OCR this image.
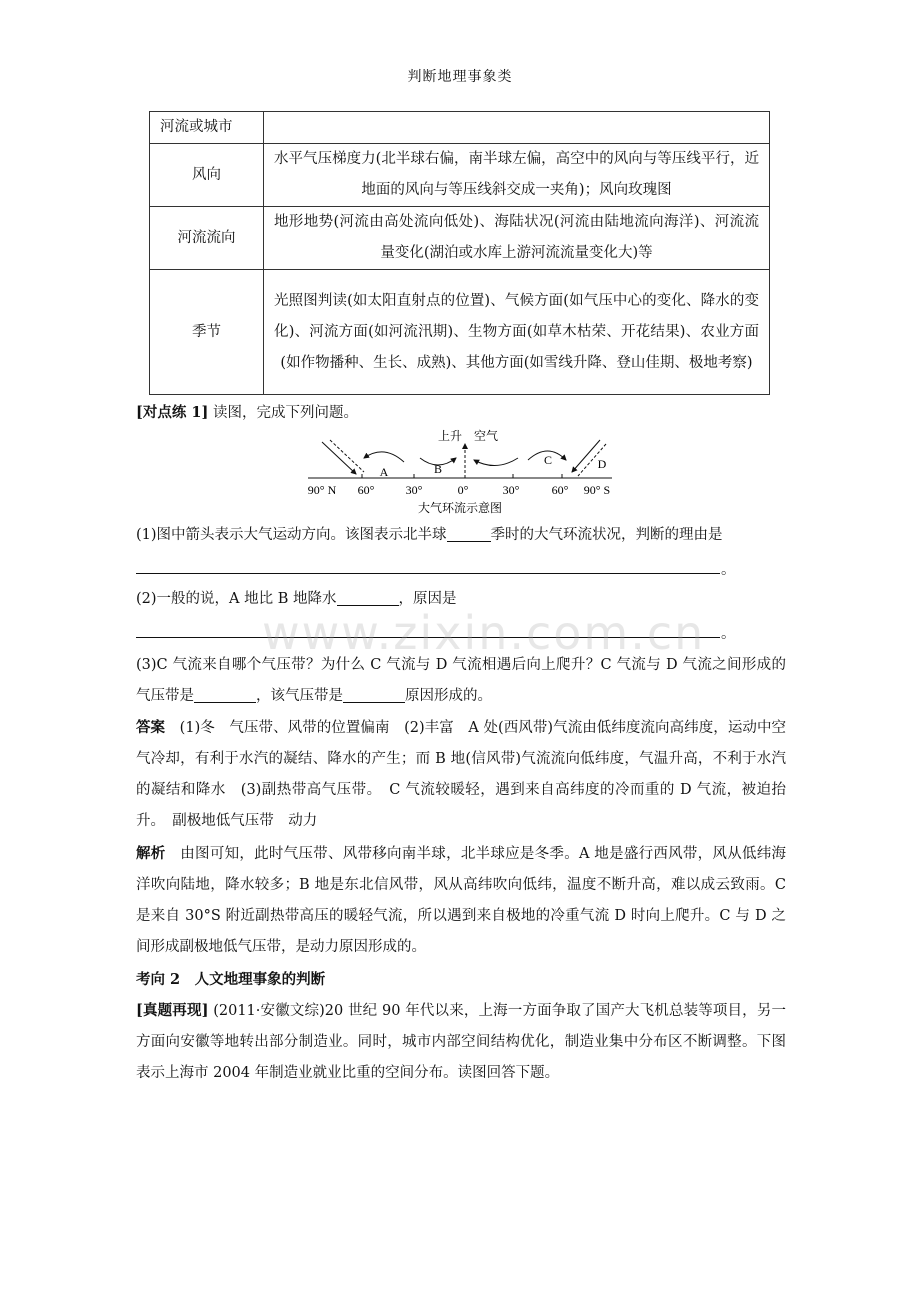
判断地理事象类
河流或城市	
风向	水平气压梯度力(北半球右偏，南半球左偏，高空中的风向与等压线平行，近地面的风向与等压线斜交成一夹角)；风向玫瑰图
河流流向	地形地势(河流由高处流向低处)、海陆状况(河流由陆地流向海洋)、河流流量变化(湖泊或水库上游河流流量变化大)等
季节	光照图判读(如太阳直射点的位置)、气候方面(如气压中心的变化、降水的变化)、河流方面(如河流汛期)、生物方面(如草木枯荣、开花结果)、农业方面(如作物播种、生长、成熟)、其他方面(如雪线升降、登山佳期、极地考察)
[对点练 1] 读图，完成下列问题。
A	B
C	D
上升 空气
90° N 60°	30°	0°	30°	60° 90° S
大气环流示意图
(1)图中箭头表示大气运动方向。该图表示北半球	季时的大气环流状况，判断的理由是
。
(2)一般的说，A 地比 B 地降水	，原因是
。
www.zixin.com.cn
(3)C 气流来自哪个气压带？为什么 C 气流与 D 气流相遇后向上爬升？C 气流与 D 气流之间形成的气压带是	，该气压带是	原因形成的。
答案　(1)冬　气压带、风带的位置偏南　(2)丰富　A 处(西风带)气流由低纬度流向高纬度，运动中空气冷却，有利于水汽的凝结、降水的产生；而 B 地(信风带)气流流向低纬度，气温升高，不利于水汽的凝结和降水　(3)副热带高气压带。　C 气流较暖轻，遇到来自高纬度的冷而重的 D 气流，被迫抬升。　副极地低气压带　动力
解析　由图可知，此时气压带、风带移向南半球，北半球应是冬季。A 地是盛行西风带，风从低纬海洋吹向陆地，降水较多；B 地是东北信风带，风从高纬吹向低纬，温度不断升高，难以成云致雨。C 是来自 30°S 附近副热带高压的暖轻气流，所以遇到来自极地的冷重气流 D 时向上爬升。C 与 D 之间形成副极地低气压带，是动力原因形成的。
考向 2　人文地理事象的判断
[真题再现] (2011·安徽文综)20 世纪 90 年代以来，上海一方面争取了国产大飞机总装等项目，另一方面向安徽等地转出部分制造业。同时，城市内部空间结构优化，制造业集中分布区不断调整。下图表示上海市 2004 年制造业就业比重的空间分布。读图回答下题。
